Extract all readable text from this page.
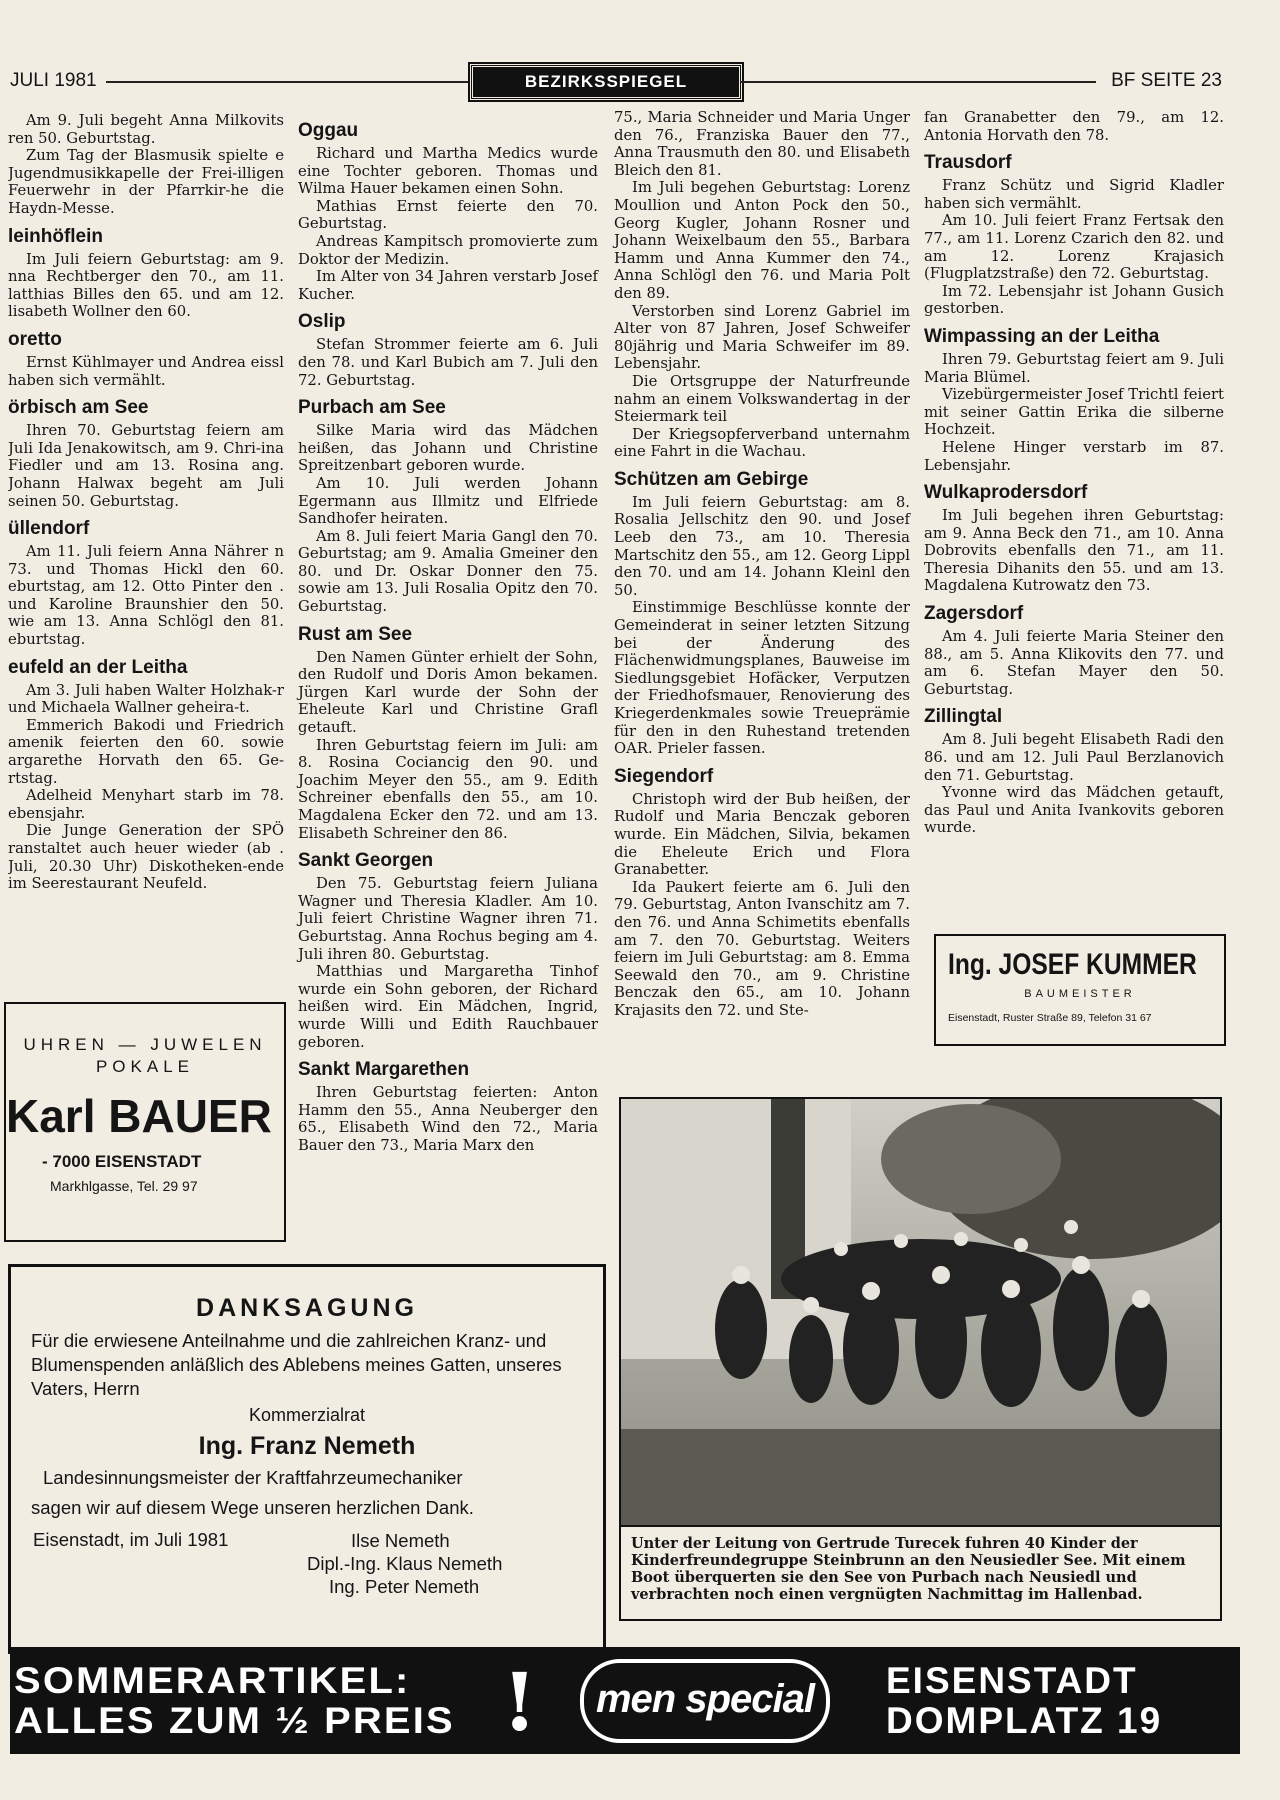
JULI 1981	BEZIRKSSPIEGEL	BF SEITE 23

Am 9. Juli begeht Anna Milkovits ren 50. Geburtstag.

Zum Tag der Blasmusik spielte e Jugendmusikkapelle der Frei-illigen Feuerwehr in der Pfarrkir-he die Haydn-Messe.

leinhöflein

Im Juli feiern Geburtstag: am 9. nna Rechtberger den 70., am 11. latthias Billes den 65. und am 12. lisabeth Wollner den 60.

oretto

Ernst Kühlmayer und Andrea eissl haben sich vermählt.

örbisch am See

Ihren 70. Geburtstag feiern am Juli Ida Jenakowitsch, am 9. Chri-ina Fiedler und am 13. Rosina ang. Johann Halwax begeht am Juli seinen 50. Geburtstag.

üllendorf

Am 11. Juli feiern Anna Nährer n 73. und Thomas Hickl den 60. eburtstag, am 12. Otto Pinter den . und Karoline Braunshier den 50. wie am 13. Anna Schlögl den 81. eburtstag.

eufeld an der Leitha

Am 3. Juli haben Walter Holzhak-r und Michaela Wallner geheira-t.

Emmerich Bakodi und Friedrich amenik feierten den 60. sowie argarethe Horvath den 65. Ge-rtstag.

Adelheid Menyhart starb im 78. ebensjahr.

Die Junge Generation der SPÖ ranstaltet auch heuer wieder (ab . Juli, 20.30 Uhr) Diskotheken-ende im Seerestaurant Neufeld.

Oggau

Richard und Martha Medics wurde eine Tochter geboren. Thomas und Wilma Hauer bekamen einen Sohn.

Mathias Ernst feierte den 70. Geburtstag.

Andreas Kampitsch promovierte zum Doktor der Medizin.

Im Alter von 34 Jahren verstarb Josef Kucher.

Oslip

Stefan Strommer feierte am 6. Juli den 78. und Karl Bubich am 7. Juli den 72. Geburtstag.

Purbach am See

Silke Maria wird das Mädchen heißen, das Johann und Christine Spreitzenbart geboren wurde.

Am 10. Juli werden Johann Egermann aus Illmitz und Elfriede Sandhofer heiraten.

Am 8. Juli feiert Maria Gangl den 70. Geburtstag; am 9. Amalia Gmeiner den 80. und Dr. Oskar Donner den 75. sowie am 13. Juli Rosalia Opitz den 70. Geburtstag.

Rust am See

Den Namen Günter erhielt der Sohn, den Rudolf und Doris Amon bekamen. Jürgen Karl wurde der Sohn der Eheleute Karl und Christine Grafl getauft.

Ihren Geburtstag feiern im Juli: am 8. Rosina Cociancig den 90. und Joachim Meyer den 55., am 9. Edith Schreiner ebenfalls den 55., am 10. Magdalena Ecker den 72. und am 13. Elisabeth Schreiner den 86.

Sankt Georgen

Den 75. Geburtstag feiern Juliana Wagner und Theresia Kladler. Am 10. Juli feiert Christine Wagner ihren 71. Geburtstag. Anna Rochus beging am 4. Juli ihren 80. Geburtstag.

Matthias und Margaretha Tinhof wurde ein Sohn geboren, der Richard heißen wird. Ein Mädchen, Ingrid, wurde Willi und Edith Rauchbauer geboren.

Sankt Margarethen

Ihren Geburtstag feierten: Anton Hamm den 55., Anna Neuberger den 65., Elisabeth Wind den 72., Maria Bauer den 73., Maria Marx den

75., Maria Schneider und Maria Unger den 76., Franziska Bauer den 77., Anna Trausmuth den 80. und Elisabeth Bleich den 81.

Im Juli begehen Geburtstag: Lorenz Moullion und Anton Pock den 50., Georg Kugler, Johann Rosner und Johann Weixelbaum den 55., Barbara Hamm und Anna Kummer den 74., Anna Schlögl den 76. und Maria Polt den 89.

Verstorben sind Lorenz Gabriel im Alter von 87 Jahren, Josef Schweifer 80jährig und Maria Schweifer im 89. Lebensjahr.

Die Ortsgruppe der Naturfreunde nahm an einem Volkswandertag in der Steiermark teil

Der Kriegsopferverband unternahm eine Fahrt in die Wachau.

Schützen am Gebirge

Im Juli feiern Geburtstag: am 8. Rosalia Jellschitz den 90. und Josef Leeb den 73., am 10. Theresia Martschitz den 55., am 12. Georg Lippl den 70. und am 14. Johann Kleinl den 50.

Einstimmige Beschlüsse konnte der Gemeinderat in seiner letzten Sitzung bei der Änderung des Flächenwidmungsplanes, Bauweise im Siedlungsgebiet Hofäcker, Verputzen der Friedhofsmauer, Renovierung des Kriegerdenkmales sowie Treueprämie für den in den Ruhestand tretenden OAR. Prieler fassen.

Siegendorf

Christoph wird der Bub heißen, der Rudolf und Maria Benczak geboren wurde. Ein Mädchen, Silvia, bekamen die Eheleute Erich und Flora Granabetter.

Ida Paukert feierte am 6. Juli den 79. Geburtstag, Anton Ivanschitz am 7. den 76. und Anna Schimetits ebenfalls am 7. den 70. Geburtstag. Weiters feiern im Juli Geburtstag: am 8. Emma Seewald den 70., am 9. Christine Benczak den 65., am 10. Johann Krajasits den 72. und Ste-

fan Granabetter den 79., am 12. Antonia Horvath den 78.

Trausdorf

Franz Schütz und Sigrid Kladler haben sich vermählt.

Am 10. Juli feiert Franz Fertsak den 77., am 11. Lorenz Czarich den 82. und am 12. Lorenz Krajasich (Flugplatzstraße) den 72. Geburtstag.

Im 72. Lebensjahr ist Johann Gusich gestorben.

Wimpassing an der Leitha

Ihren 79. Geburtstag feiert am 9. Juli Maria Blümel.

Vizebürgermeister Josef Trichtl feiert mit seiner Gattin Erika die silberne Hochzeit.

Helene Hinger verstarb im 87. Lebensjahr.

Wulkaprodersdorf

Im Juli begehen ihren Geburtstag: am 9. Anna Beck den 71., am 10. Anna Dobrovits ebenfalls den 71., am 11. Theresia Dihanits den 55. und am 13. Magdalena Kutrowatz den 73.

Zagersdorf

Am 4. Juli feierte Maria Steiner den 88., am 5. Anna Klikovits den 77. und am 6. Stefan Mayer den 50. Geburtstag.

Zillingtal

Am 8. Juli begeht Elisabeth Radi den 86. und am 12. Juli Paul Berzlanovich den 71. Geburtstag.

Yvonne wird das Mädchen getauft, das Paul und Anita Ivankovits geboren wurde.

UHREN — JUWELEN POKALE
Karl BAUER
- 7000 EISENSTADT
Markhlgasse, Tel. 29 97
Ing. JOSEF KUMMER
BAUMEISTER
Eisenstadt, Ruster Straße 89, Telefon 31 67
DANKSAGUNG
Für die erwiesene Anteilnahme und die zahlreichen Kranz- und Blumenspenden anläßlich des Ablebens meines Gatten, unseres Vaters, Herrn
Kommerzialrat
Ing. Franz Nemeth
Landesinnungsmeister der Kraftfahrzeumechaniker
sagen wir auf diesem Wege unseren herzlichen Dank.
Eisenstadt, im Juli 1981	Ilse Nemeth
Dipl.-Ing. Klaus Nemeth
Ing. Peter Nemeth
Unter der Leitung von Gertrude Turecek fuhren 40 Kinder der Kinderfreundegruppe Steinbrunn an den Neusiedler See. Mit einem Boot überquerten sie den See von Purbach nach Neusiedl und verbrachten noch einen vergnügten Nachmittag im Hallenbad.
SOMMERARTIKEL:
ALLES ZUM ½ PREIS !	men special	EISENSTADT
DOMPLATZ 19
